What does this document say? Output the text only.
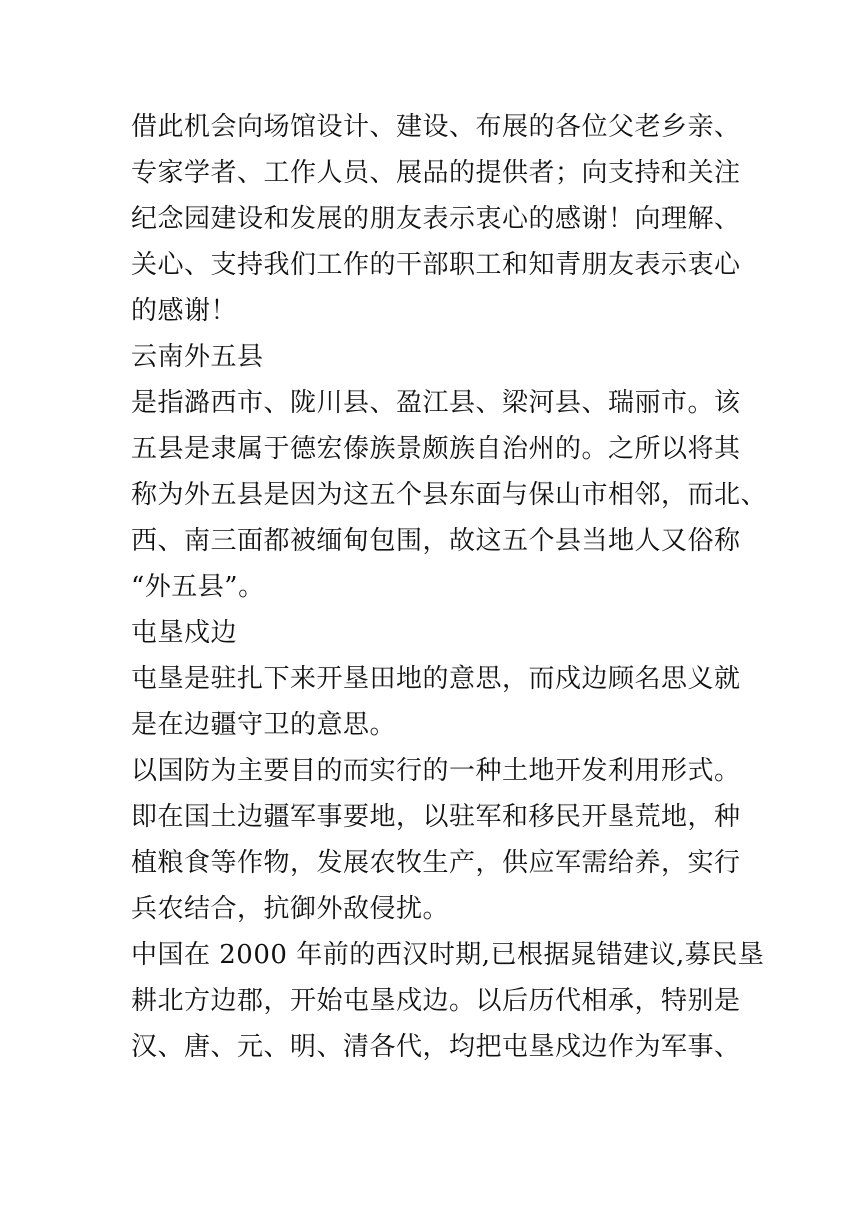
借此机会向场馆设计、建设、布展的各位父老乡亲、
专家学者、工作人员、展品的提供者；向支持和关注
纪念园建设和发展的朋友表示衷心的感谢！向理解、
关心、支持我们工作的干部职工和知青朋友表示衷心
的感谢！
云南外五县
是指潞西市、陇川县、盈江县、梁河县、瑞丽市。该
五县是隶属于德宏傣族景颇族自治州的。之所以将其
称为外五县是因为这五个县东面与保山市相邻，而北、
西、南三面都被缅甸包围，故这五个县当地人又俗称
“外五县”。
屯垦戍边
屯垦是驻扎下来开垦田地的意思，而戍边顾名思义就
是在边疆守卫的意思。
以国防为主要目的而实行的一种土地开发利用形式。
即在国土边疆军事要地，以驻军和移民开垦荒地，种
植粮食等作物，发展农牧生产，供应军需给养，实行
兵农结合，抗御外敌侵扰。
中国在 2000 年前的西汉时期,已根据晁错建议,募民垦
耕北方边郡，开始屯垦戍边。以后历代相承，特别是
汉、唐、元、明、清各代，均把屯垦戍边作为军事、
